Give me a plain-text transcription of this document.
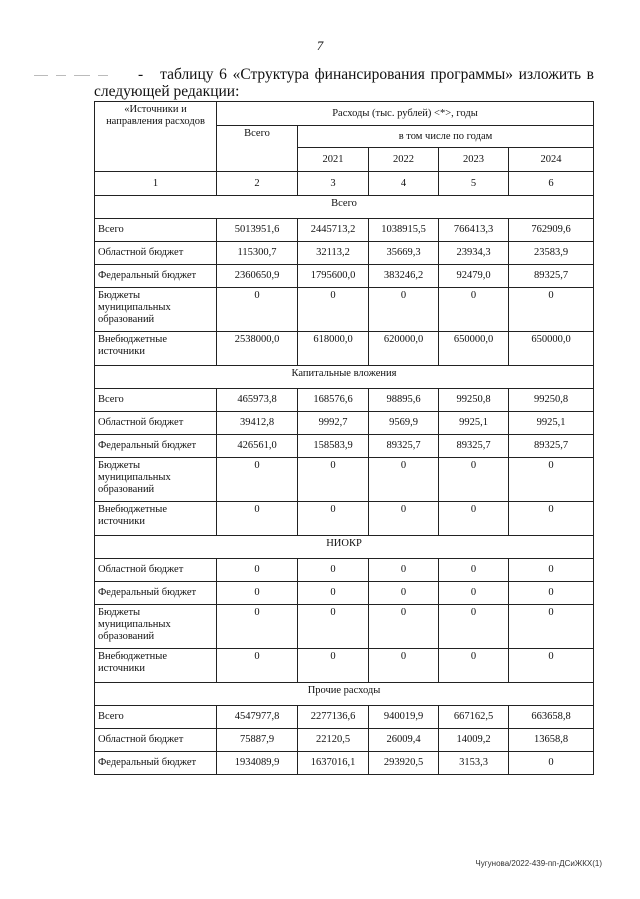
7
- таблицу 6 «Структура финансирования программы» изложить в
следующей редакции:
«Источники и направления расходов	Расходы (тыс. рублей) <*>, годы				
	Всего	в том числе по годам			
		2021	2022	2023	2024
1	2	3	4	5	6
Всего					
Всего	5013951,6	2445713,2	1038915,5	766413,3	762909,6
Областной бюджет	115300,7	32113,2	35669,3	23934,3	23583,9
Федеральный бюджет	2360650,9	1795600,0	383246,2	92479,0	89325,7
Бюджеты муниципальных образований	0	0	0	0	0
Внебюджетные источники	2538000,0	618000,0	620000,0	650000,0	650000,0
Капитальные вложения					
Всего	465973,8	168576,6	98895,6	99250,8	99250,8
Областной бюджет	39412,8	9992,7	9569,9	9925,1	9925,1
Федеральный бюджет	426561,0	158583,9	89325,7	89325,7	89325,7
Бюджеты муниципальных образований	0	0	0	0	0
Внебюджетные источники	0	0	0	0	0
НИОКР					
Областной бюджет	0	0	0	0	0
Федеральный бюджет	0	0	0	0	0
Бюджеты муниципальных образований	0	0	0	0	0
Внебюджетные источники	0	0	0	0	0
Прочие расходы					
Всего	4547977,8	2277136,6	940019,9	667162,5	663658,8
Областной бюджет	75887,9	22120,5	26009,4	14009,2	13658,8
Федеральный бюджет	1934089,9	1637016,1	293920,5	3153,3	0
Чугунова/2022-439-пп-ДСиЖКХ(1)
